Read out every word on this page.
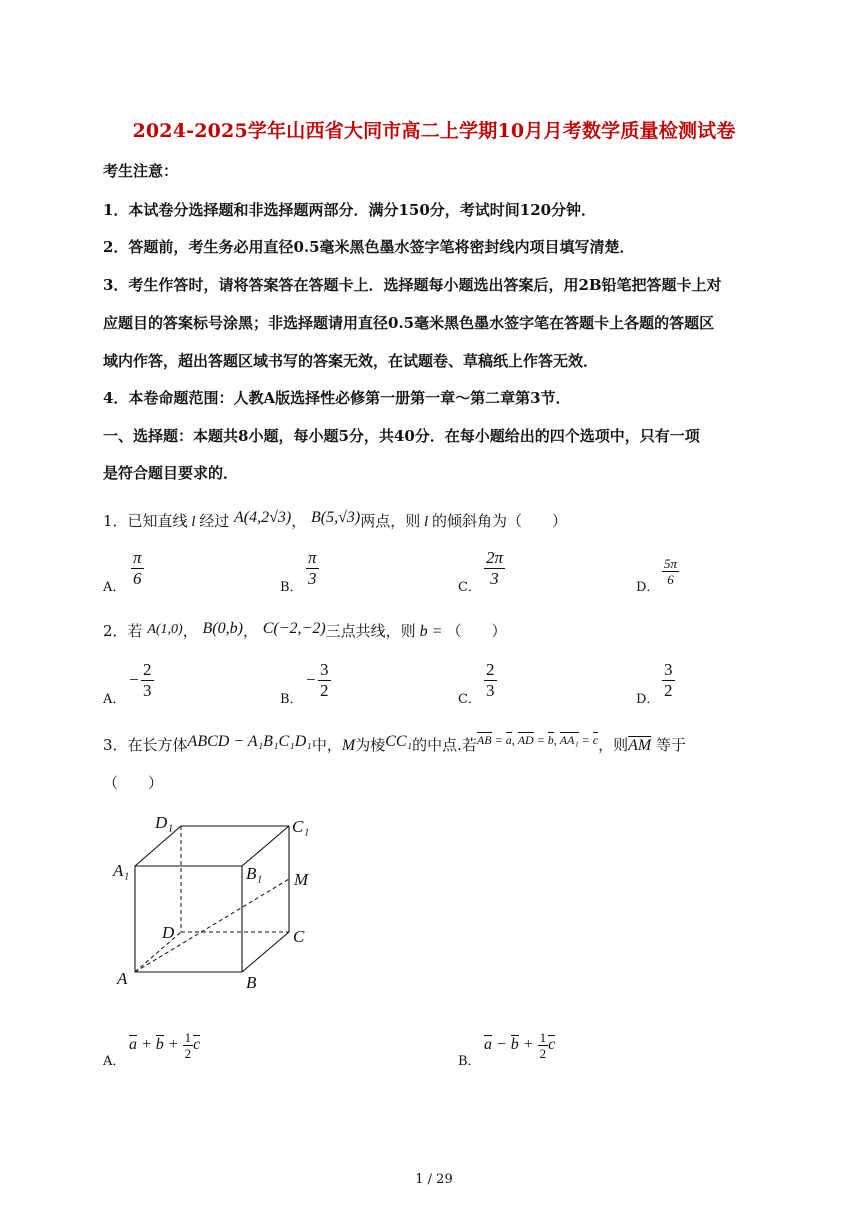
2024-2025学年山西省大同市高二上学期10月月考数学质量检测试卷
考生注意：
1．本试卷分选择题和非选择题两部分．满分150分，考试时间120分钟．
2．答题前，考生务必用直径0.5毫米黑色墨水签字笔将密封线内项目填写清楚．
3．考生作答时，请将答案答在答题卡上．选择题每小题选出答案后，用2B铅笔把答题卡上对
应题目的答案标号涂黑；非选择题请用直径0.5毫米黑色墨水签字笔在答题卡上各题的答题区
域内作答，超出答题区域书写的答案无效，在试题卷、草稿纸上作答无效．
4．本卷命题范围：人教A版选择性必修第一册第一章～第二章第3节．
一、选择题：本题共8小题，每小题5分，共40分．在每小题给出的四个选项中，只有一项
是符合题目要求的．
1．已知直线 l 经过 A(4,2√3)， B(5,√3)两点，则 l 的倾斜角为（　　）
$_{A.} \frac{\pi}{6}$	$_{B.} \frac{\pi}{3}$	$_{C.} \frac{2\pi}{3}$	$_{D.}$
$\frac{5\pi}{6}$
2．若 A(1,0)， B(0,b)， C(−2,−2)三点共线，则 b = （　　）
$_{A.}$
− $\frac{2}{3}$	$_{B.}$
− $\frac{3}{2}$	$_{C.} \frac{2}{3}$	$_{D.} \frac{3}{2}$
3．在长方体ABCD − A₁B₁C₁D₁中，M为棱CC₁的中点.若$^{AB = a, AD = b, AA_1 = c}$，则AM 等于
（　　）
D₁	C₁
A₁	B₁ M
D	C
A	B
A．
$a + b + \frac{1}{2}$ c
B．
$a - b + \frac{1}{2}$ c
1 / 29
